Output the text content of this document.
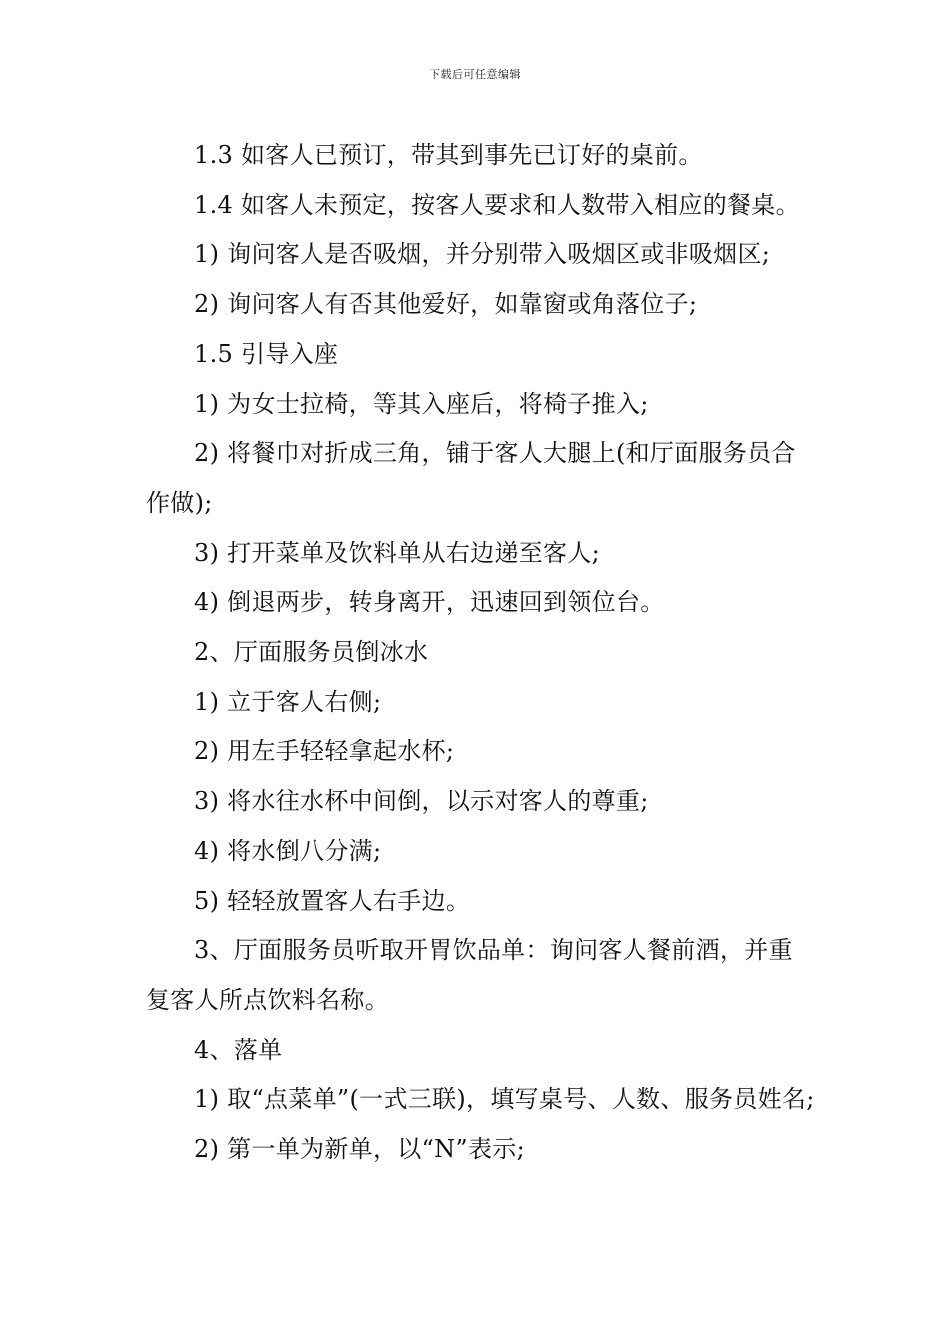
下载后可任意编辑

1.3 如客人已预订，带其到事先已订好的桌前。

1.4 如客人未预定，按客人要求和人数带入相应的餐桌。

1) 询问客人是否吸烟，并分别带入吸烟区或非吸烟区;

2) 询问客人有否其他爱好，如靠窗或角落位子;

1.5 引导入座

1) 为女士拉椅，等其入座后，将椅子推入;

2) 将餐巾对折成三角，铺于客人大腿上(和厅面服务员合作做);

3) 打开菜单及饮料单从右边递至客人;

4) 倒退两步，转身离开，迅速回到领位台。

2、厅面服务员倒冰水

1) 立于客人右侧;

2) 用左手轻轻拿起水杯;

3) 将水往水杯中间倒，以示对客人的尊重;

4) 将水倒八分满;

5) 轻轻放置客人右手边。

3、厅面服务员听取开胃饮品单：询问客人餐前酒，并重复客人所点饮料名称。

4、落单

1) 取“点菜单”(一式三联)，填写桌号、人数、服务员姓名;

2) 第一单为新单，以“N”表示;
